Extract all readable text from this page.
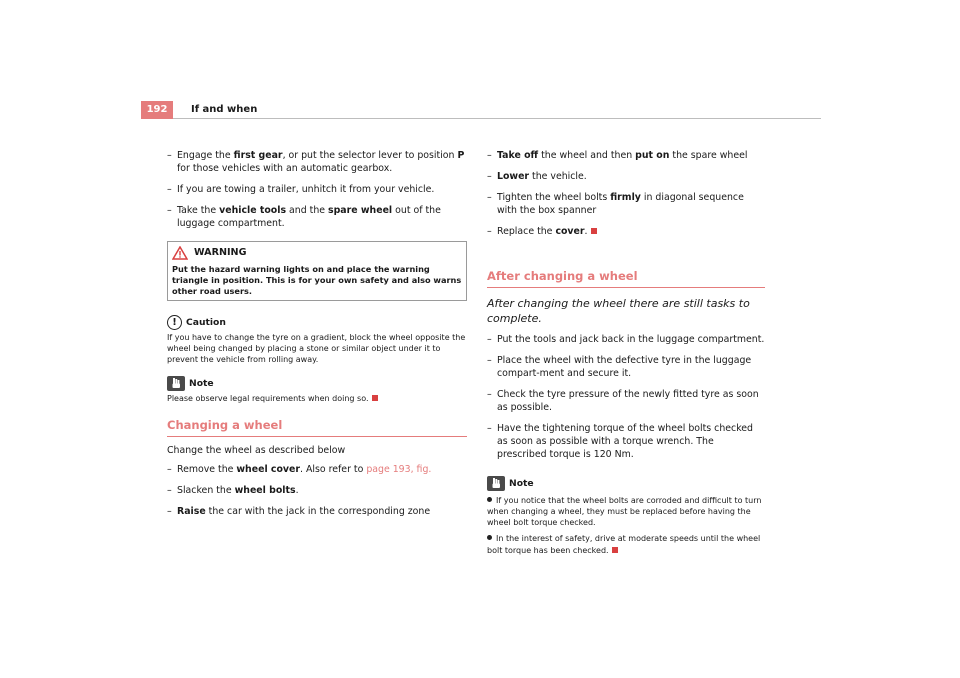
192	If and when
– Engage the first gear, or put the selector lever to position P for those vehicles with an automatic gearbox.
– If you are towing a trailer, unhitch it from your vehicle.
– Take the vehicle tools and the spare wheel out of the luggage compartment.
WARNING
Put the hazard warning lights on and place the warning triangle in position. This is for your own safety and also warns other road users.
!	Caution
If you have to change the tyre on a gradient, block the wheel opposite the wheel being changed by placing a stone or similar object under it to prevent the vehicle from rolling away.
Note
Please observe legal requirements when doing so.
Changing a wheel
Change the wheel as described below
– Remove the wheel cover. Also refer to page 193, fig.
– Slacken the wheel bolts.
– Raise the car with the jack in the corresponding zone
– Take off the wheel and then put on the spare wheel
– Lower the vehicle.
– Tighten the wheel bolts firmly in diagonal sequence with the box spanner
– Replace the cover.
After changing a wheel
After changing the wheel there are still tasks to complete.
– Put the tools and jack back in the luggage compartment.
– Place the wheel with the defective tyre in the luggage compart-ment and secure it.
– Check the tyre pressure of the newly fitted tyre as soon as possible.
– Have the tightening torque of the wheel bolts checked as soon as possible with a torque wrench. The prescribed torque is 120 Nm.
Note
If you notice that the wheel bolts are corroded and difficult to turn when changing a wheel, they must be replaced before having the wheel bolt torque checked.
In the interest of safety, drive at moderate speeds until the wheel bolt torque has been checked.
